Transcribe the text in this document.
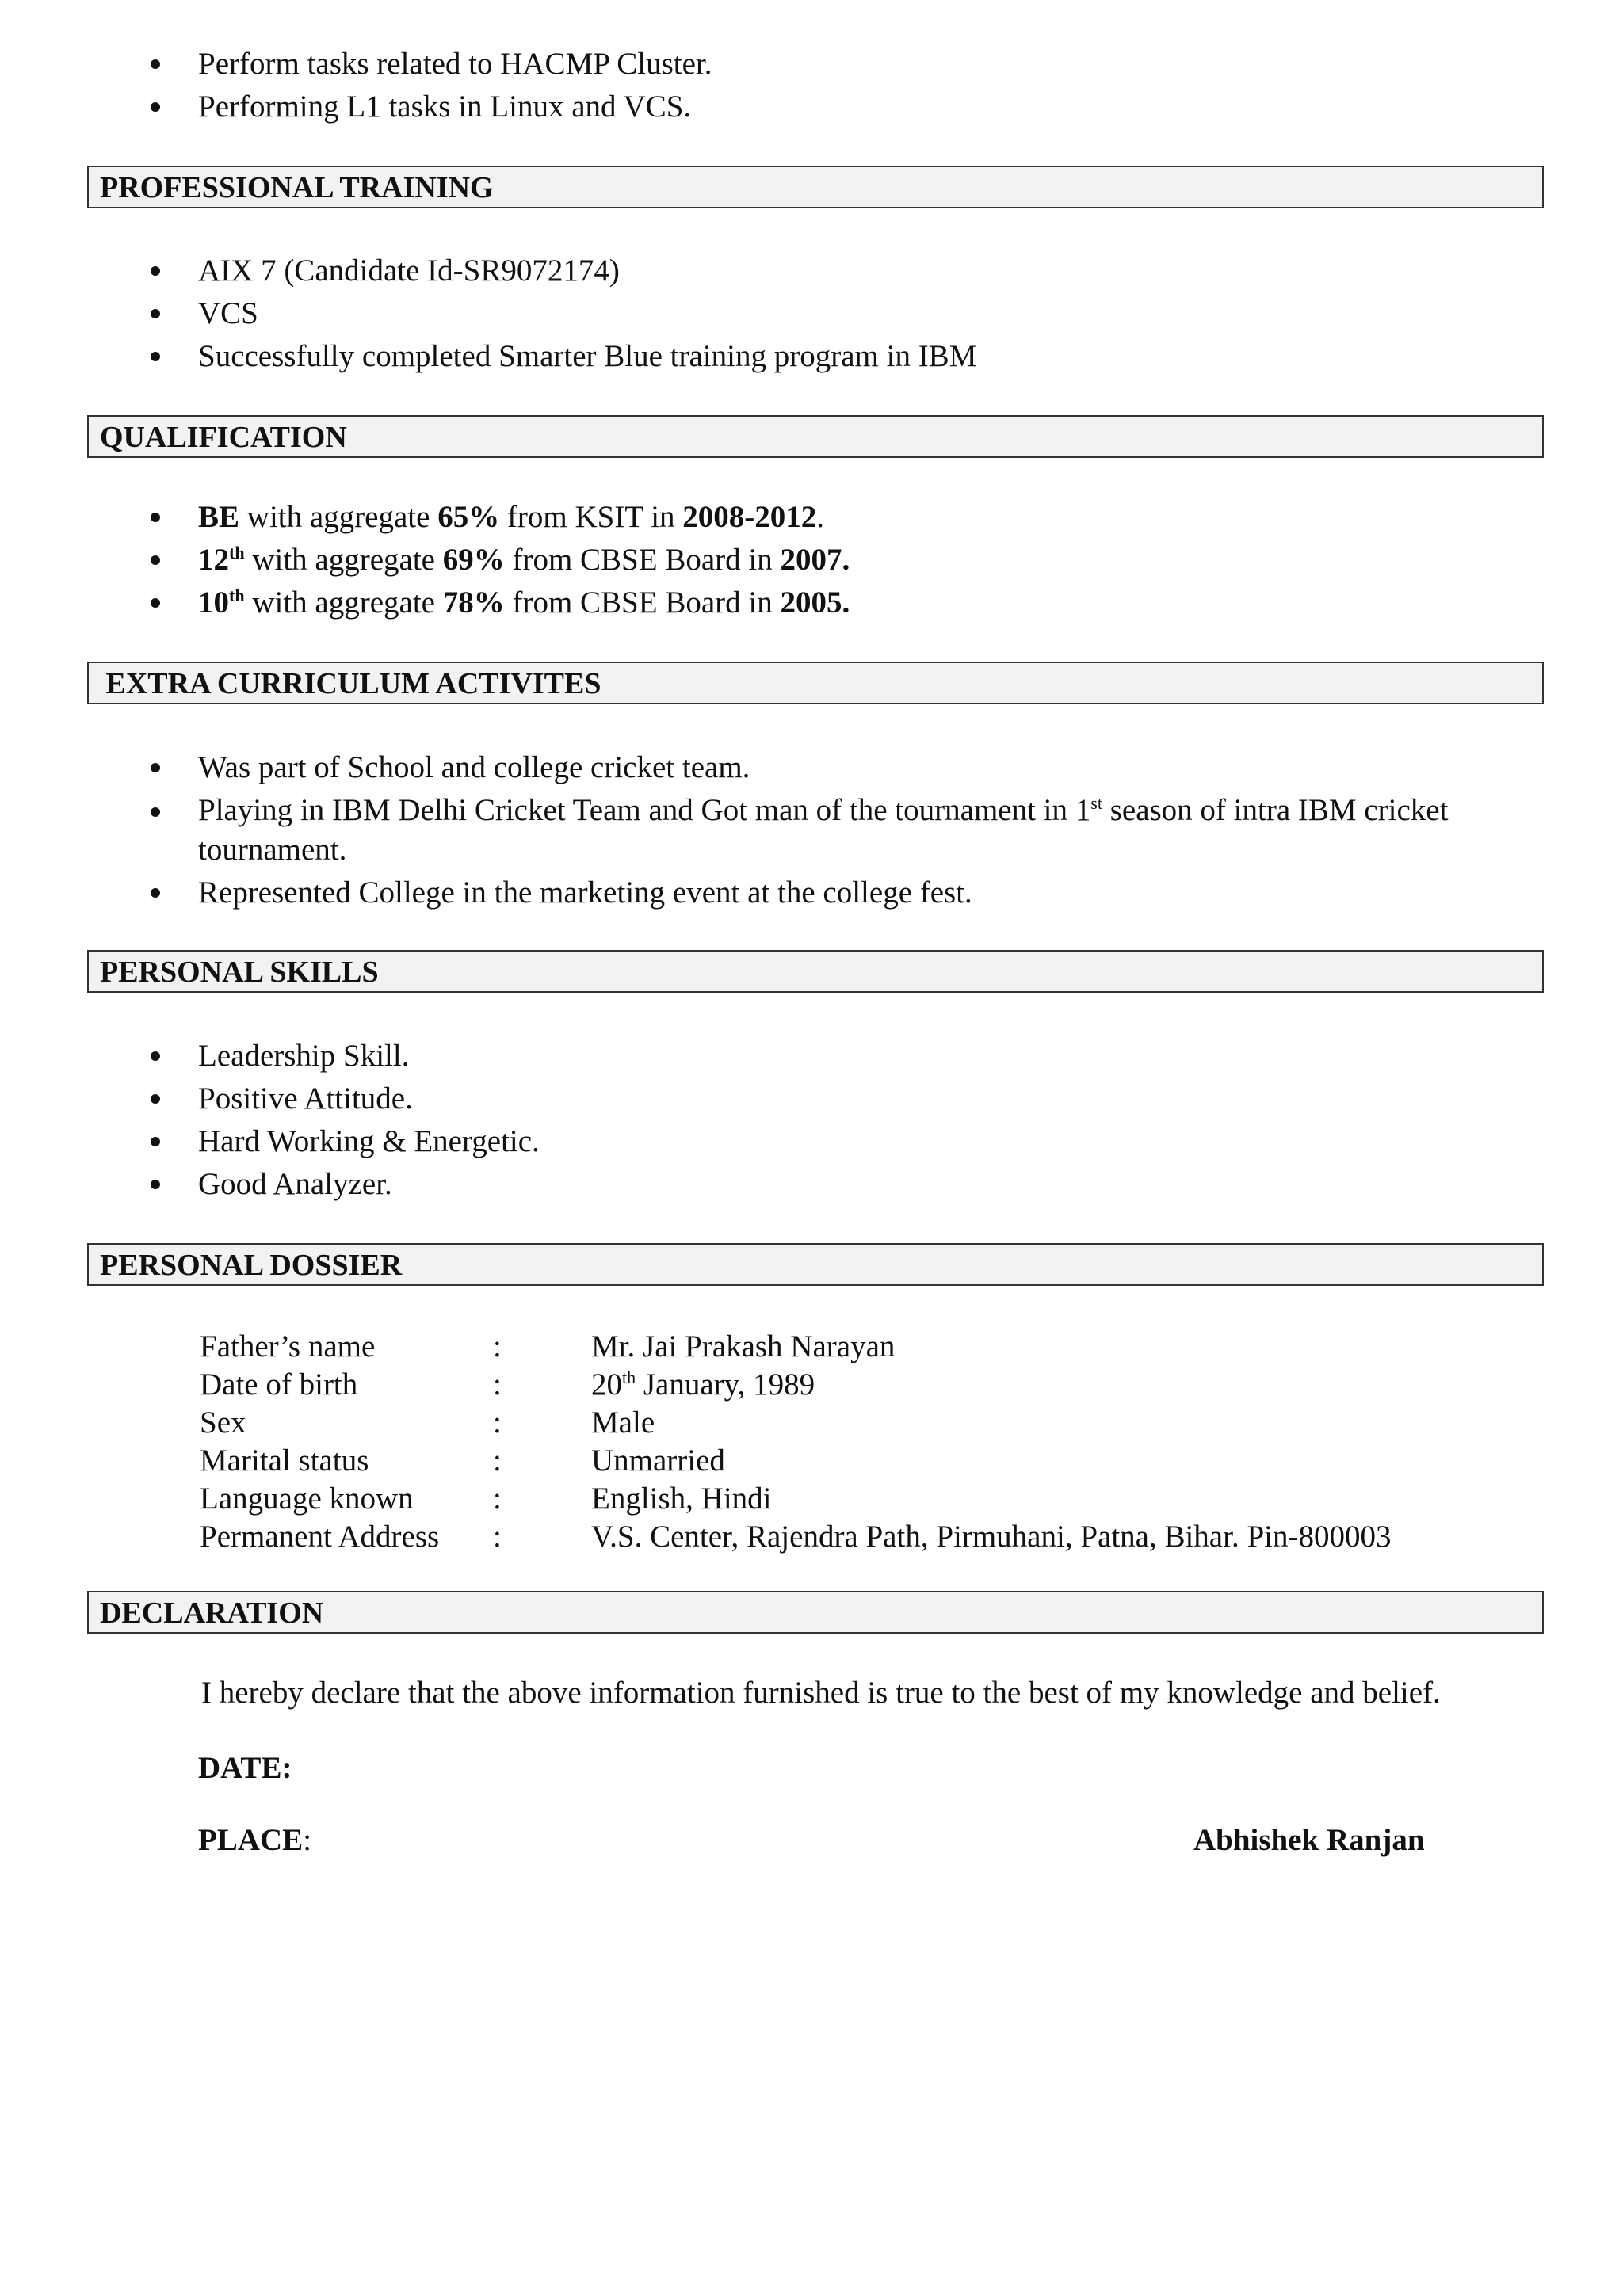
Perform tasks related to HACMP Cluster.
Performing L1 tasks in Linux and VCS.
PROFESSIONAL TRAINING
AIX 7 (Candidate Id-SR9072174)
VCS
Successfully completed Smarter Blue training program in IBM
QUALIFICATION
BE with aggregate 65% from KSIT in 2008-2012.
12th with aggregate 69% from CBSE Board in 2007.
10th with aggregate 78% from CBSE Board in 2005.
EXTRA CURRICULUM ACTIVITES
Was part of School and college cricket team.
Playing in IBM Delhi Cricket Team and Got man of the tournament in 1st season of intra IBM cricket tournament.
Represented College in the marketing event at the college fest.
PERSONAL SKILLS
Leadership Skill.
Positive Attitude.
Hard Working & Energetic.
Good Analyzer.
PERSONAL DOSSIER
Father’s name	:	Mr. Jai Prakash Narayan
Date of birth	:	20th January, 1989
Sex	:	Male
Marital status	:	Unmarried
Language known	:	English, Hindi
Permanent Address :	V.S. Center, Rajendra Path, Pirmuhani, Patna, Bihar. Pin-800003
DECLARATION
I hereby declare that the above information furnished is true to the best of my knowledge and belief.
DATE:
PLACE:	Abhishek Ranjan
